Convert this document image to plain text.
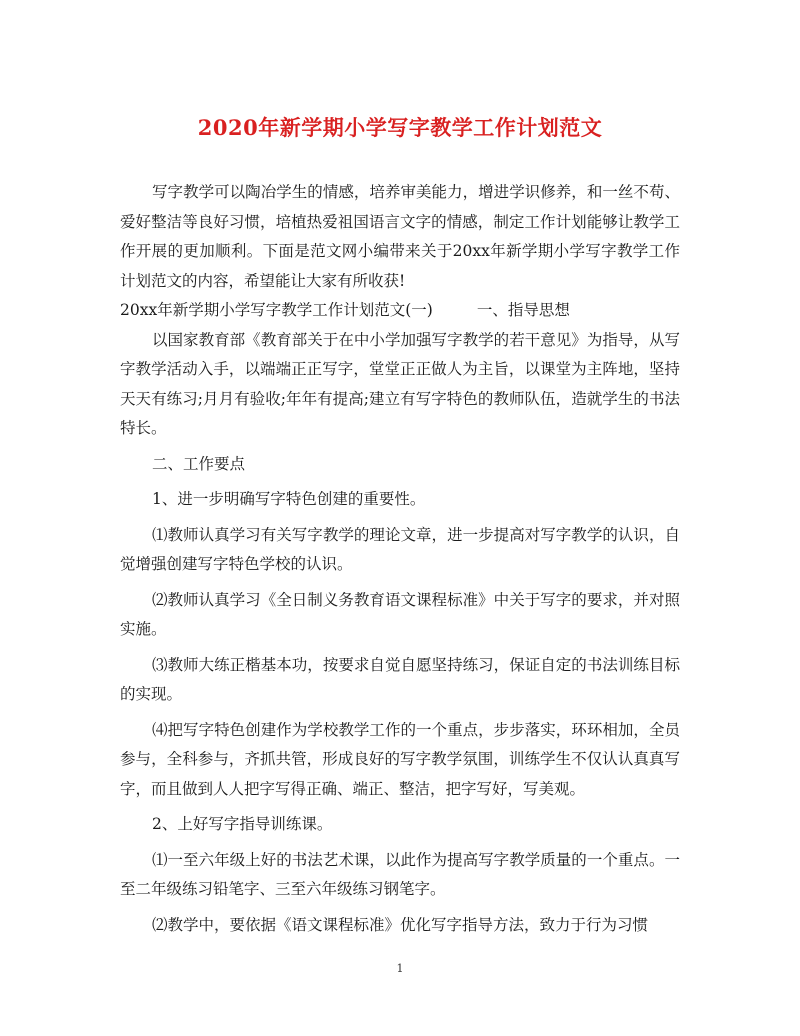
2020年新学期小学写字教学工作计划范文

写字教学可以陶冶学生的情感，培养审美能力，增进学识修养，和一丝不苟、爱好整洁等良好习惯，培植热爱祖国语言文字的情感，制定工作计划能够让教学工作开展的更加顺利。下面是范文网小编带来关于20xx年新学期小学写字教学工作计划范文的内容，希望能让大家有所收获!

20xx年新学期小学写字教学工作计划范文(一)	一、指导思想

以国家教育部《教育部关于在中小学加强写字教学的若干意见》为指导，从写字教学活动入手，以端端正正写字，堂堂正正做人为主旨，以课堂为主阵地，坚持天天有练习;月月有验收;年年有提高;建立有写字特色的教师队伍，造就学生的书法特长。

二、工作要点

1、进一步明确写字特色创建的重要性。

⑴教师认真学习有关写字教学的理论文章，进一步提高对写字教学的认识，自觉增强创建写字特色学校的认识。

⑵教师认真学习《全日制义务教育语文课程标准》中关于写字的要求，并对照实施。

⑶教师大练正楷基本功，按要求自觉自愿坚持练习，保证自定的书法训练目标的实现。

⑷把写字特色创建作为学校教学工作的一个重点，步步落实，环环相加，全员参与，全科参与，齐抓共管，形成良好的写字教学氛围，训练学生不仅认认真真写字，而且做到人人把字写得正确、端正、整洁，把字写好，写美观。

2、上好写字指导训练课。

⑴一至六年级上好的书法艺术课，以此作为提高写字教学质量的一个重点。一至二年级练习铅笔字、三至六年级练习钢笔字。

⑵教学中，要依据《语文课程标准》优化写字指导方法，致力于行为习惯

1
